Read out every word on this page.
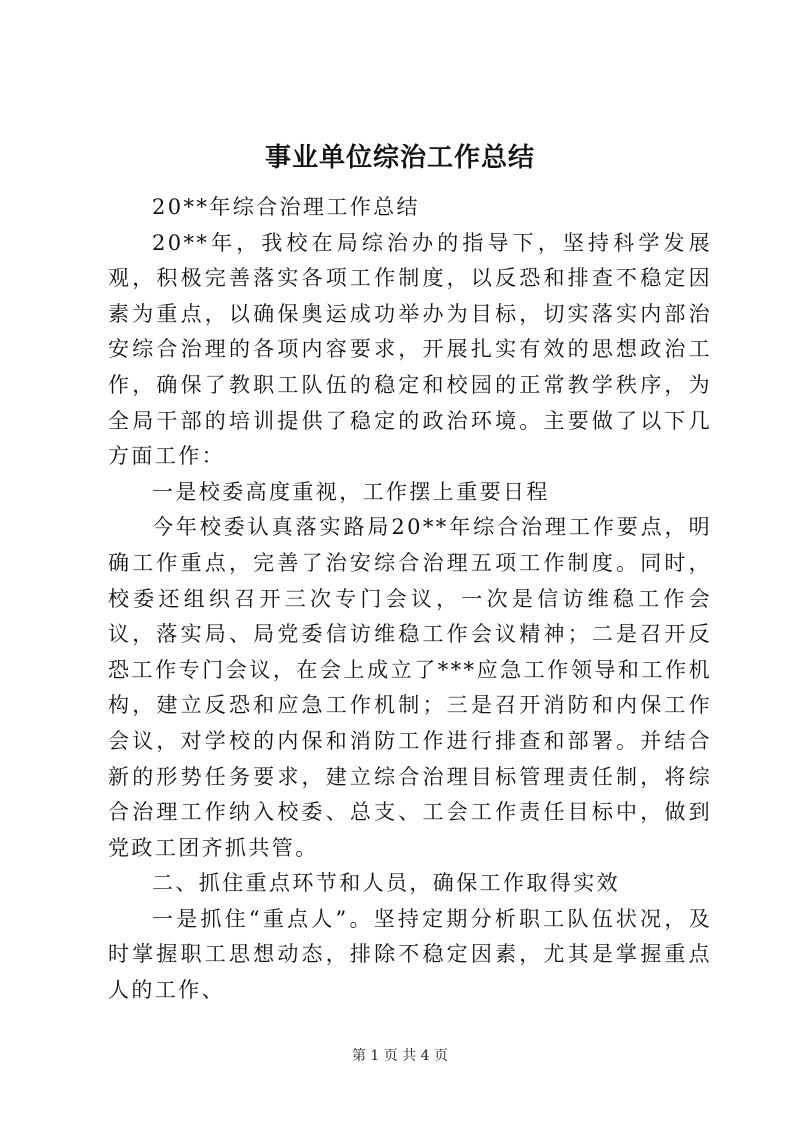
事业单位综治工作总结

20**年综合治理工作总结

20**年，我校在局综治办的指导下，坚持科学发展观，积极完善落实各项工作制度，以反恐和排查不稳定因素为重点，以确保奥运成功举办为目标，切实落实内部治安综合治理的各项内容要求，开展扎实有效的思想政治工作，确保了教职工队伍的稳定和校园的正常教学秩序，为全局干部的培训提供了稳定的政治环境。主要做了以下几方面工作：

一是校委高度重视，工作摆上重要日程

今年校委认真落实路局20**年综合治理工作要点，明确工作重点，完善了治安综合治理五项工作制度。同时，校委还组织召开三次专门会议，一次是信访维稳工作会议，落实局、局党委信访维稳工作会议精神；二是召开反恐工作专门会议，在会上成立了***应急工作领导和工作机构，建立反恐和应急工作机制；三是召开消防和内保工作会议，对学校的内保和消防工作进行排查和部署。并结合新的形势任务要求，建立综合治理目标管理责任制，将综合治理工作纳入校委、总支、工会工作责任目标中，做到党政工团齐抓共管。

二、抓住重点环节和人员，确保工作取得实效

一是抓住“重点人”。坚持定期分析职工队伍状况，及时掌握职工思想动态，排除不稳定因素，尤其是掌握重点人的工作、

第 1 页 共 4 页
